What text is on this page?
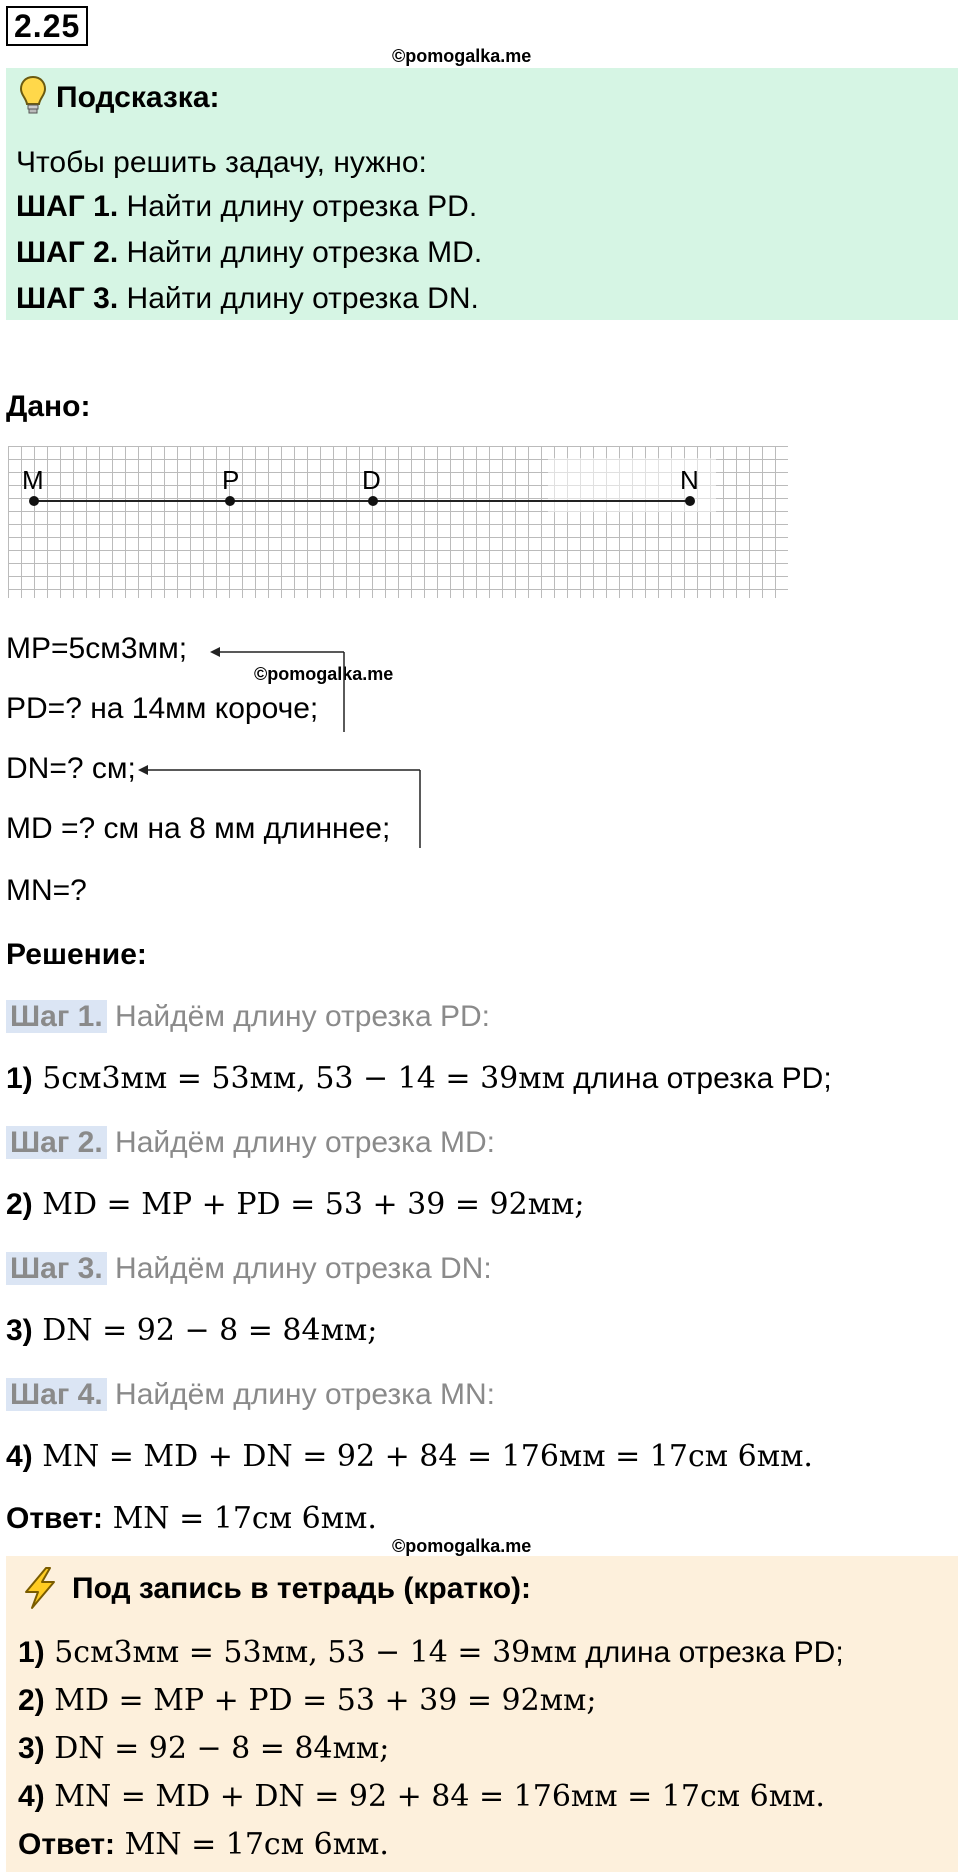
2.25
©pomogalka.me
Подсказка:
Чтобы решить задачу, нужно:
ШАГ 1. Найти длину отрезка PD.
ШАГ 2. Найти длину отрезка MD.
ШАГ 3. Найти длину отрезка DN.
Дано:
M	P	D	N
MP=5см3мм;
©pomogalka.me
PD=? на 14мм короче;
DN=? см;
MD =? см на 8 мм длиннее;
MN=?
Решение:
Шаг 1. Найдём длину отрезка PD:
1) 5см3мм = 53мм, 53 − 14 = 39мм длина отрезка PD;
Шаг 2. Найдём длину отрезка MD:
2) MD = MP + PD = 53 + 39 = 92мм;
Шаг 3. Найдём длину отрезка DN:
3) DN = 92 − 8 = 84мм;
Шаг 4. Найдём длину отрезка MN:
4) MN = MD + DN = 92 + 84 = 176мм = 17см 6мм.
Ответ: MN = 17см 6мм.
©pomogalka.me
Под запись в тетрадь (кратко):
1) 5см3мм = 53мм, 53 − 14 = 39мм длина отрезка PD;
2) MD = MP + PD = 53 + 39 = 92мм;
3) DN = 92 − 8 = 84мм;
4) MN = MD + DN = 92 + 84 = 176мм = 17см 6мм.
Ответ: MN = 17см 6мм.
